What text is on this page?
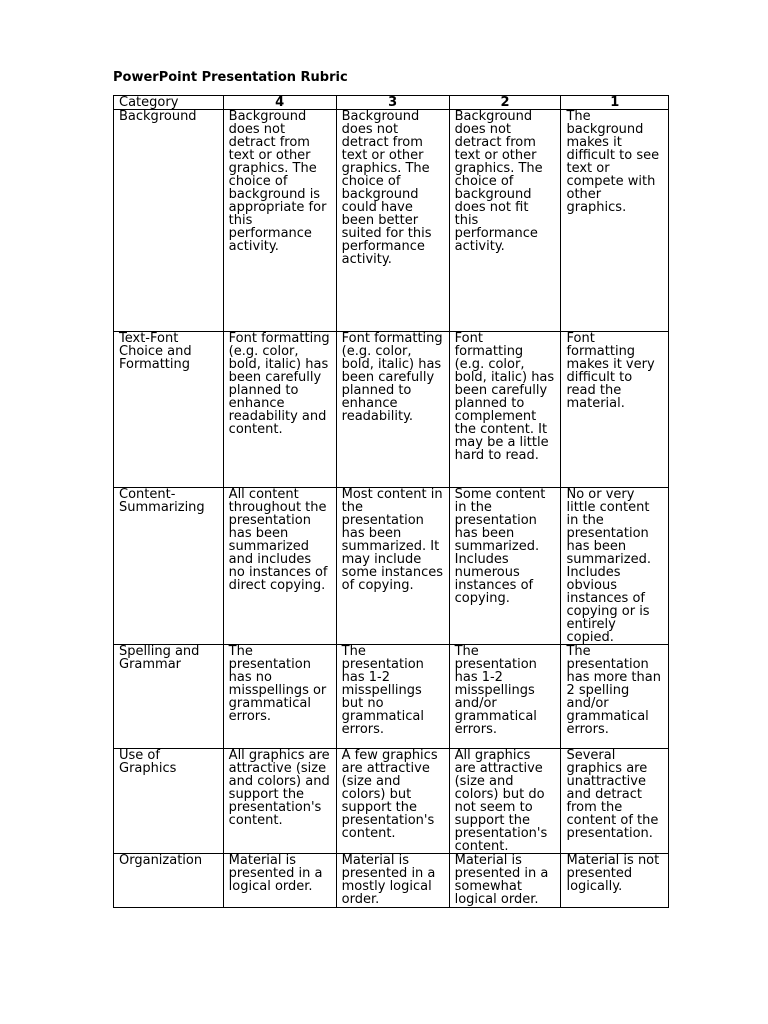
PowerPoint Presentation Rubric
Category	4	3	2	1
Background	Background does not detract from text or other graphics. The choice of background is appropriate for this performance activity.	Background does not detract from text or other graphics. The choice of background could have been better suited for this performance activity.	Background does not detract from text or other graphics. The choice of background does not fit this performance activity.	The background makes it difficult to see text or compete with other graphics.
Text-Font Choice and Formatting	Font formatting (e.g. color, bold, italic) has been carefully planned to enhance readability and content.	Font formatting (e.g. color, bold, italic) has been carefully planned to enhance readability.	Font formatting (e.g. color, bold, italic) has been carefully planned to complement the content. It may be a little hard to read.	Font formatting makes it very difficult to read the material.
Content-Summarizing	All content throughout the presentation has been summarized and includes no instances of direct copying.	Most content in the presentation has been summarized. It may include some instances of copying.	Some content in the presentation has been summarized. Includes numerous instances of copying.	No or very little content in the presentation has been summarized. Includes obvious instances of copying or is entirely copied.
Spelling and Grammar	The presentation has no misspellings or grammatical errors.	The presentation has 1-2 misspellings but no grammatical errors.	The presentation has 1-2 misspellings and/or grammatical errors.	The presentation has more than 2 spelling and/or grammatical errors.
Use of Graphics	All graphics are attractive (size and colors) and support the presentation's content.	A few graphics are attractive (size and colors) but support the presentation's content.	All graphics are attractive (size and colors) but do not seem to support the presentation's content.	Several graphics are unattractive and detract from the content of the presentation.
Organization	Material is presented in a logical order.	Material is presented in a mostly logical order.	Material is presented in a somewhat logical order.	Material is not presented logically.
